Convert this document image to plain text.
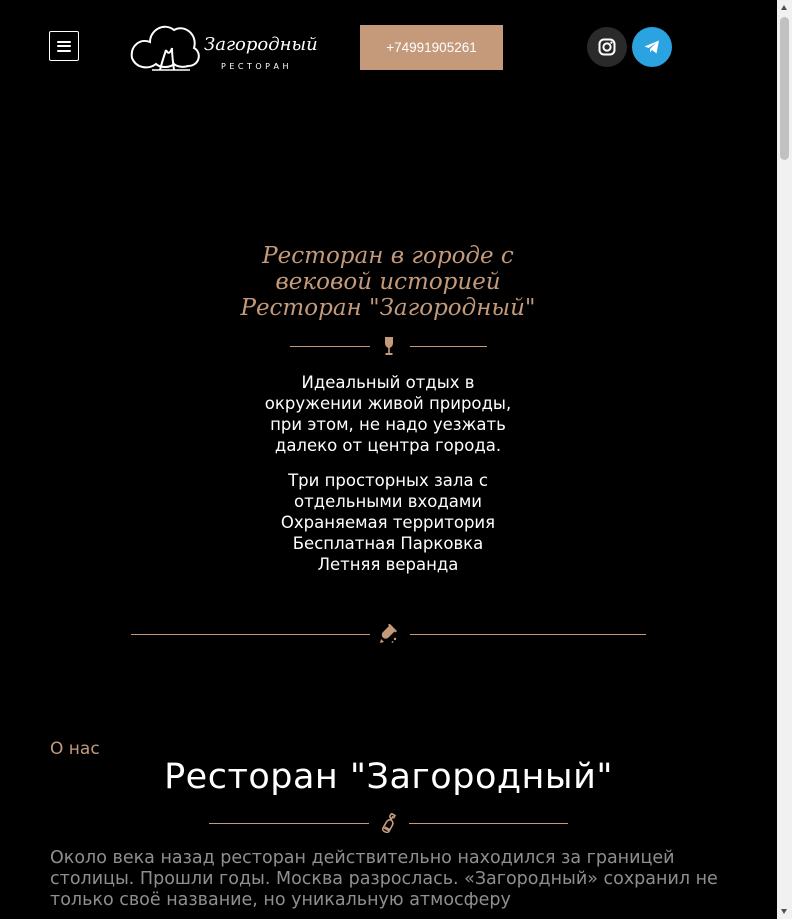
Загородный
РЕСТОРАН
+74991905261
Ресторан в городе с
вековой историей
Ресторан "Загородный"
Идеальный отдых в
окружении живой природы,
при этом, не надо уезжать
далеко от центра города.
Три просторных зала с
отдельными входами
Охраняемая территория
Бесплатная Парковка
Летняя веранда
О нас
Ресторан "Загородный"
Около века назад ресторан действительно находился за границей столицы. Прошли годы. Москва разрослась. «Загородный» сохранил не только своё название, но уникальную атмосферу
